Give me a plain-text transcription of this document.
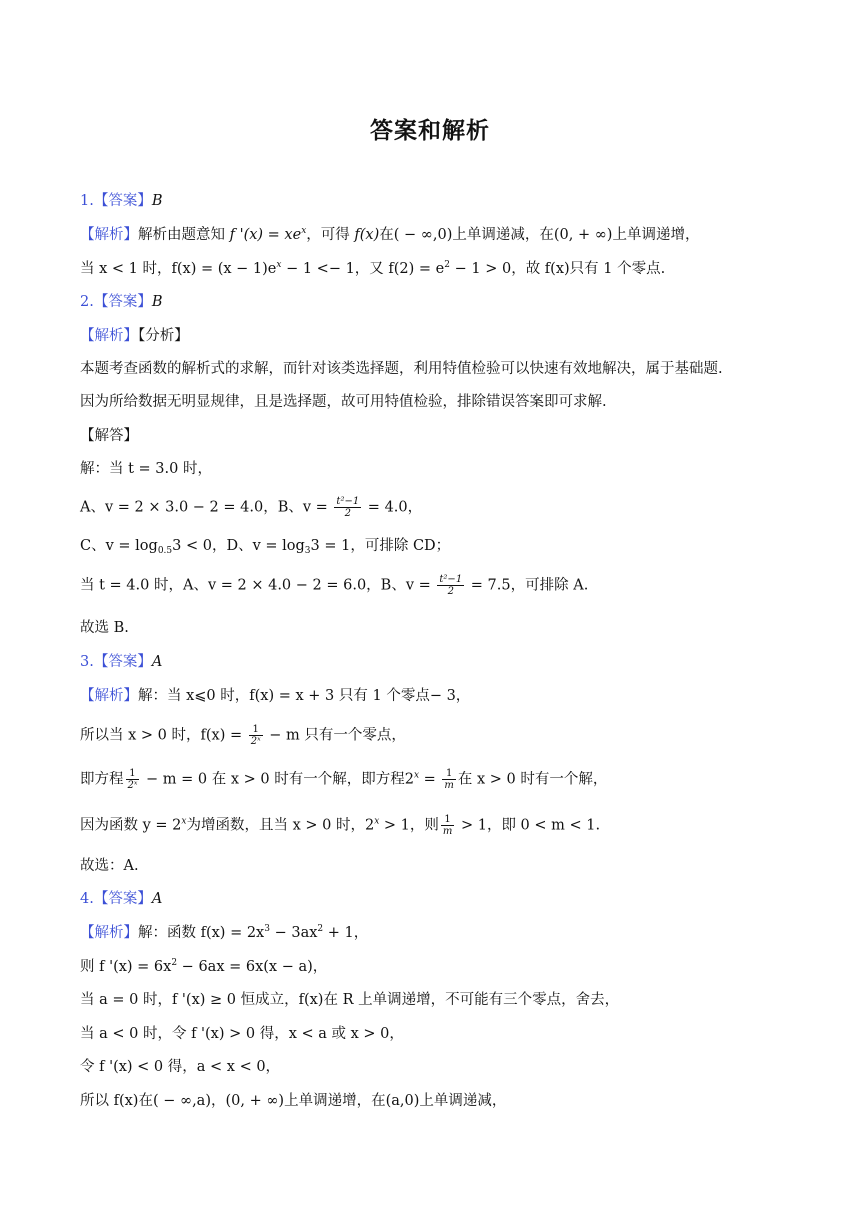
答案和解析
1.【答案】B
【解析】解析由题意知 f '$(x) = xe^x$，可得 f(x)在( − ∞,0)上单调递减，在(0, + ∞)上单调递增，
当 x < 1 时，$f(x) = (x - 1)e^x - 1 <- 1$，又 $f(2) = e^2 - 1 > 0$，故 f(x)只有 1 个零点.
2.【答案】B
【解析】【分析】
本题考查函数的解析式的求解，而针对该类选择题，利用特值检验可以快速有效地解决，属于基础题.
因为所给数据无明显规律，且是选择题，故可用特值检验，排除错误答案即可求解.
【解答】
解：当 t = 3.0 时，
A、v = 2 × 3.0 − 2 = 4.0，B、$v = \frac{\text{t²−1}}{2} = 4.0$，
C、$v = \log_{0.5}3 < 0$，D、$v = \log_33 = 1$，可排除 CD；
当 t = 4.0 时，A、v = 2 × 4.0 − 2 = 6.0，B、$v = \frac{\text{t²−1}}{2} = 7.5$，可排除 A.
故选 B.
3.【答案】A
【解析】解：当 x⩽0 时，f(x) = x + 3 只有 1 个零点− 3，
所以当 x > 0 时，$f(x) = \frac{1}{\text{2ˣ}} - m$ 只有一个零点，
即方程 $\frac{1}{\text{2ˣ}} - m = 0$ 在 x > 0 时有一个解，即方程$2^x = \frac{1}{m}$ 在 x > 0 时有一个解，
因为函数 $y = 2^x$为增函数，且当 x > 0 时，$2^x > 1$，则 $\frac{1}{m} > 1$，即 0 < m < 1.
故选：A.
4.【答案】A
【解析】解：函数 $f(x) = 2x^3 - 3ax^2 + 1$，
则 f '$(x) = 6x^2 - 6ax = 6x(x - a)$，
当 a = 0 时，f '(x) ≥ 0 恒成立，f(x)在 R 上单调递增，不可能有三个零点，舍去，
当 a < 0 时，令 f '(x) > 0 得，x < a 或 x > 0，
令 f '(x) < 0 得，a < x < 0，
所以 f(x)在( − ∞,a)，(0, + ∞)上单调递增，在(a,0)上单调递减，
